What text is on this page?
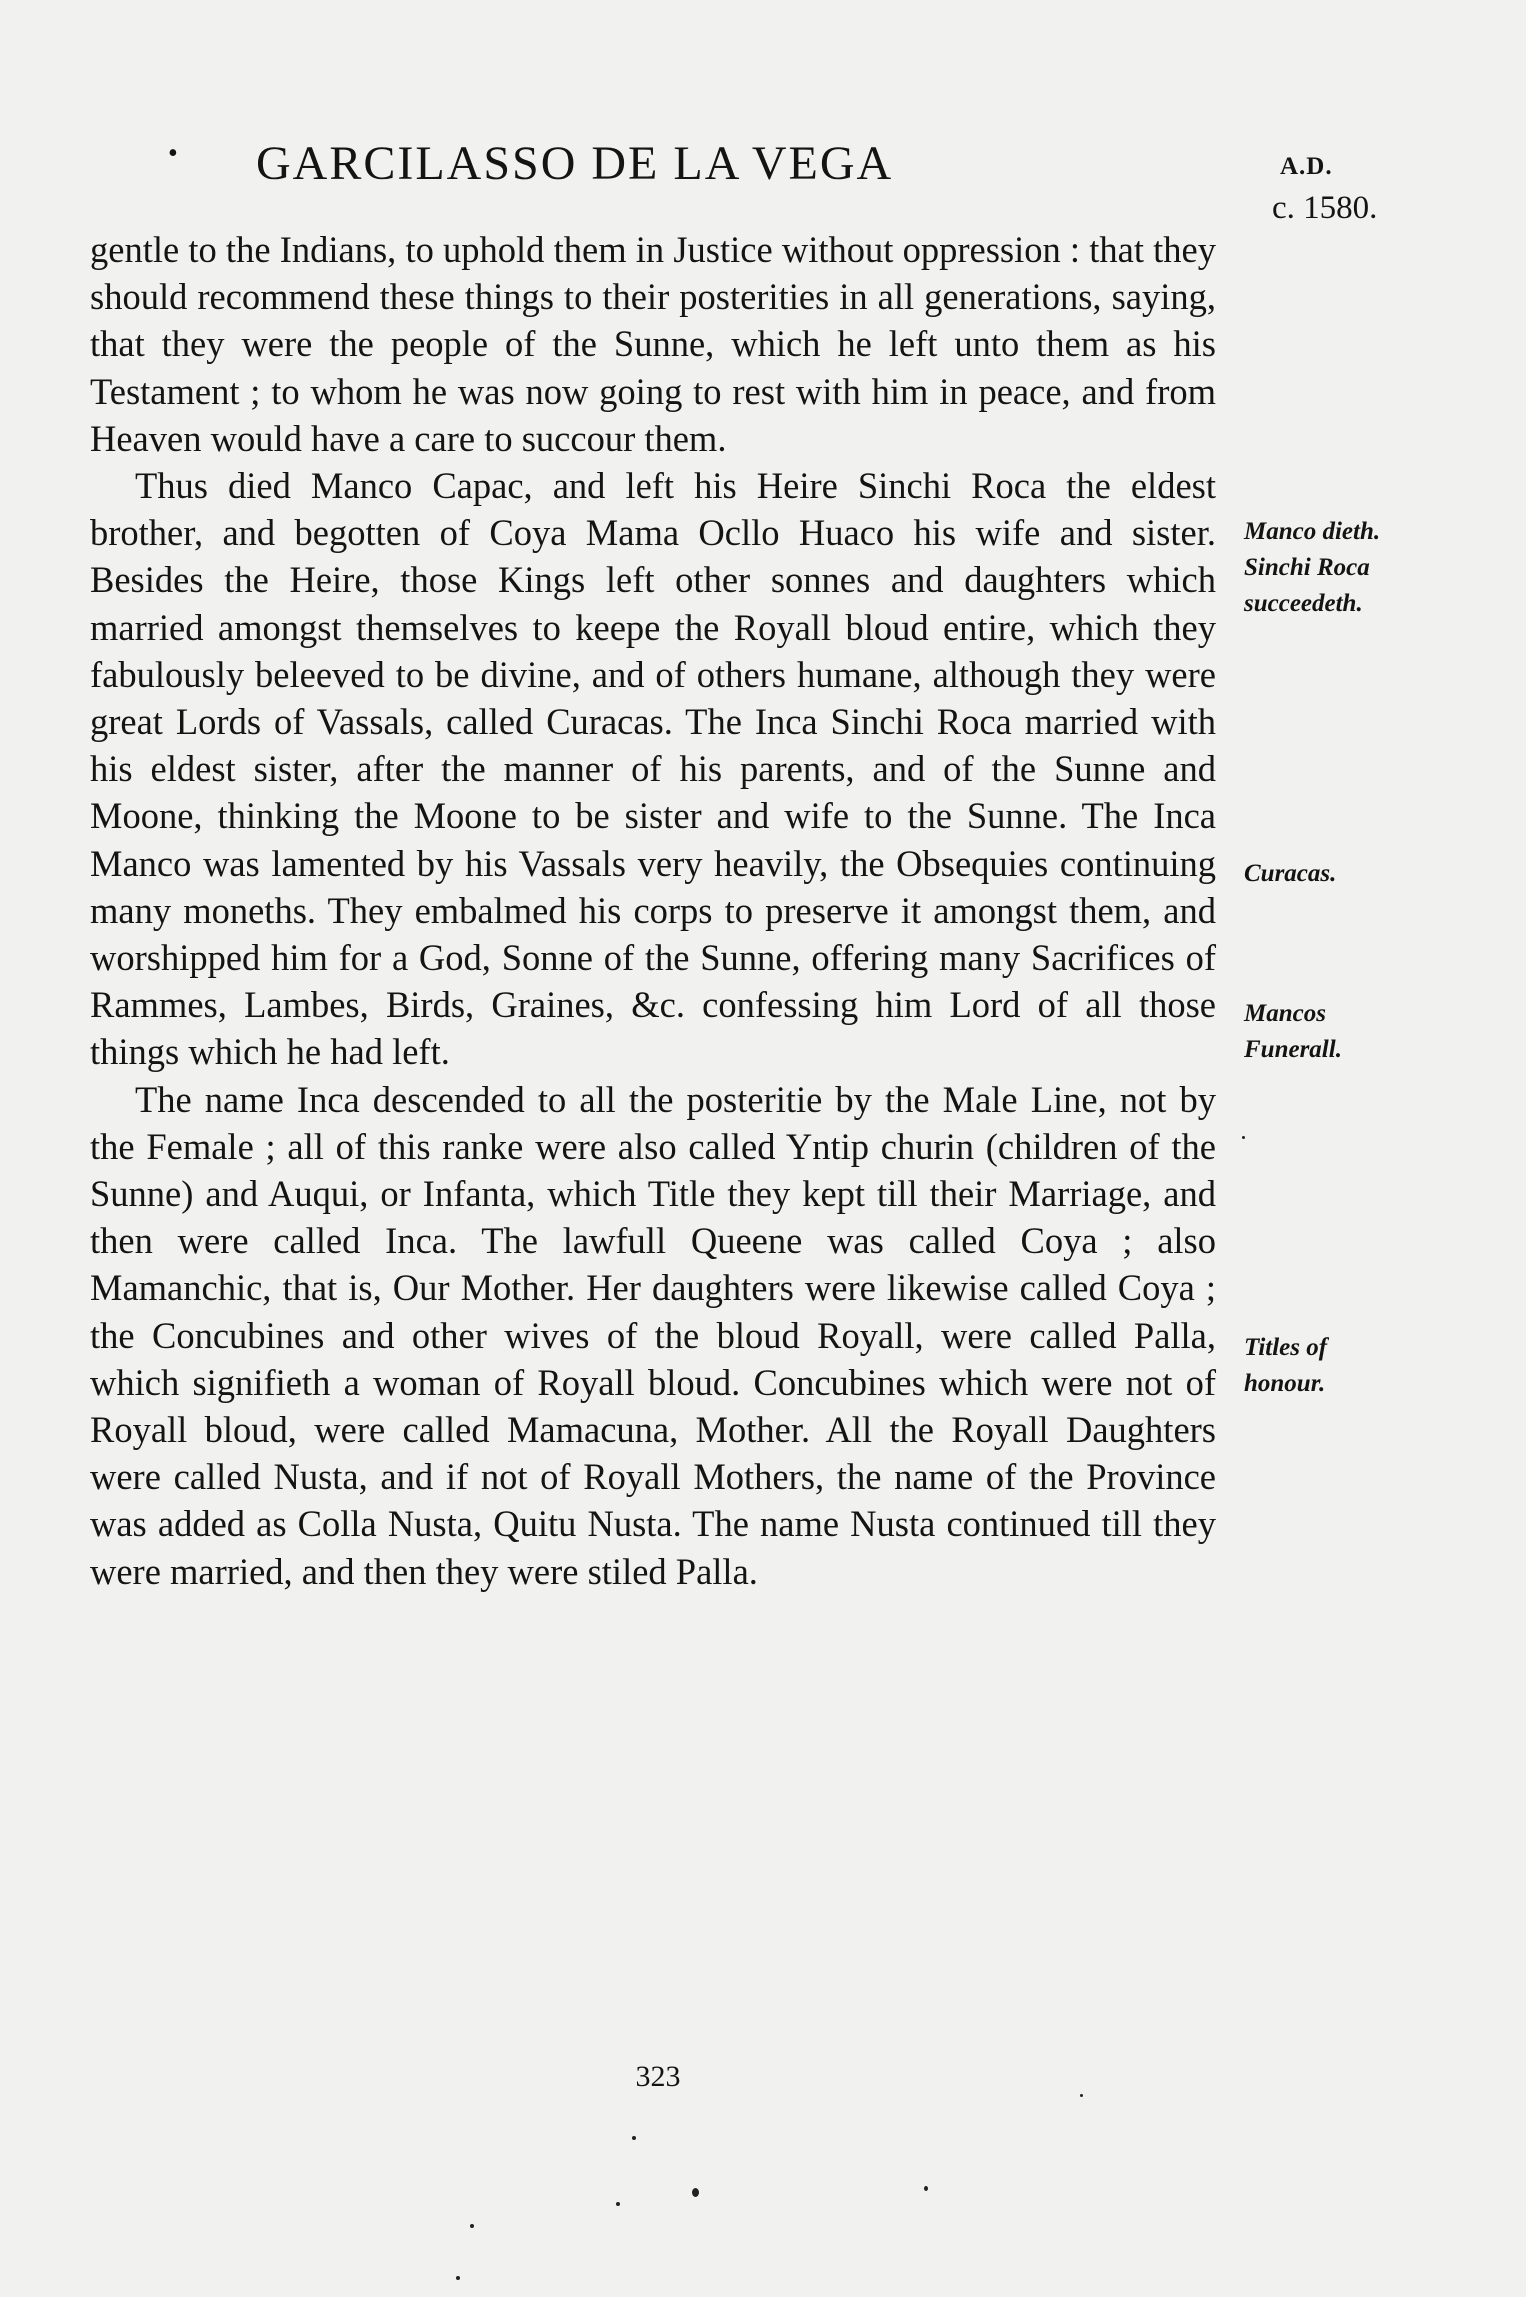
• GARCILASSO DE LA VEGA	A.D.
c. 1580.

gentle to the Indians, to uphold them in Justice without oppression : that they should recommend these things to their posterities in all generations, saying, that they were the people of the Sunne, which he left unto them as his Testament ; to whom he was now going to rest with him in peace, and from Heaven would have a care to succour them.

Thus died Manco Capac, and left his Heire Sinchi Roca the eldest brother, and begotten of Coya Mama Ocllo Huaco his wife and sister. Besides the Heire, those Kings left other sonnes and daughters which married amongst themselves to keepe the Royall bloud entire, which they fabulously beleeved to be divine, and of others humane, although they were great Lords of Vassals, called Curacas. The Inca Sinchi Roca married with his eldest sister, after the manner of his parents, and of the Sunne and Moone, thinking the Moone to be sister and wife to the Sunne. The Inca Manco was lamented by his Vassals very heavily, the Obsequies continuing many moneths. They embalmed his corps to preserve it amongst them, and worshipped him for a God, Sonne of the Sunne, offering many Sacrifices of Rammes, Lambes, Birds, Graines, &c. confessing him Lord of all those things which he had left.

The name Inca descended to all the posteritie by the Male Line, not by the Female ; all of this ranke were also called Yntip churin (children of the Sunne) and Auqui, or Infanta, which Title they kept till their Marriage, and then were called Inca. The lawfull Queene was called Coya ; also Mamanchic, that is, Our Mother. Her daughters were likewise called Coya ; the Concubines and other wives of the bloud Royall, were called Palla, which signifieth a woman of Royall bloud. Concubines which were not of Royall bloud, were called Mamacuna, Mother. All the Royall Daughters were called Nusta, and if not of Royall Mothers, the name of the Province was added as Colla Nusta, Quitu Nusta. The name Nusta continued till they were married, and then they were stiled Palla.

Manco dieth.
Sinchi Roca
succeedeth.
Curacas.
Mancos
Funerall.
Titles of
honour.
323
